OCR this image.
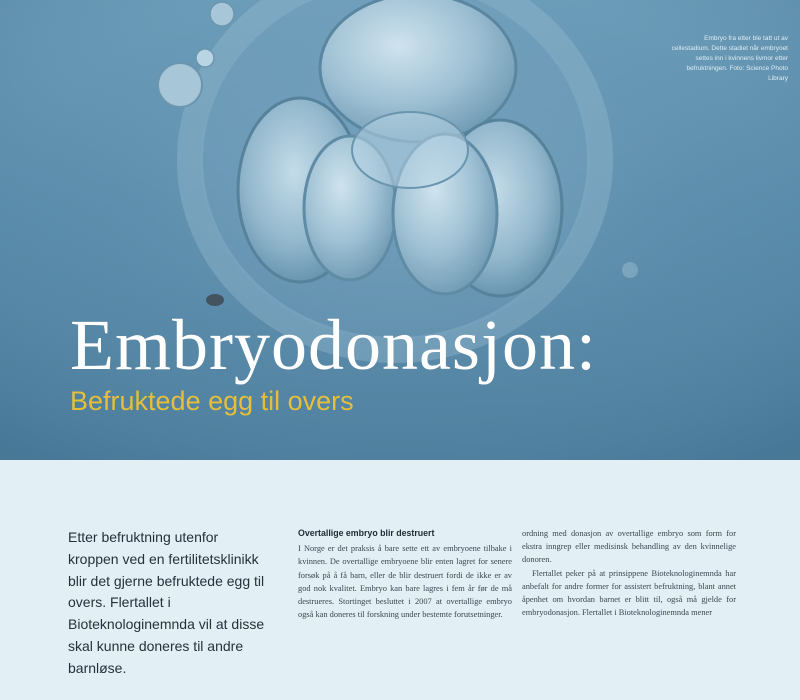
Embryo fra etter ble tatt ut av cellestadium. Dette stadiet når embryoet settes inn i kvinnens livmor etter befruktningen. Foto: Science Photo Library
Embryodonasjon:
Befruktede egg til overs
Etter befruktning utenfor kroppen ved en fertilitetsklinikk blir det gjerne befruktede egg til overs. Flertallet i Bioteknologinemnda vil at disse skal kunne doneres til andre barnløse.
Overtallige embryo blir destruert

I Norge er det praksis å bare sette ett av embryoene tilbake i kvinnen. De overtallige embryoene blir enten lagret for senere forsøk på å få barn, eller de blir destruert fordi de ikke er av god nok kvalitet. Embryo kan bare lagres i fem år før de må destrueres. Stortinget besluttet i 2007 at overtallige embryo også kan doneres til forskning under bestemte forutsetninger.

ordning med donasjon av overtallige embryo som form for ekstra inngrep eller medisinsk behandling av den kvinnelige donoren.

Flertallet peker på at prinsippene Bioteknologinemnda har anbefalt for andre former for assistert befruktning, blant annet åpenhet om hvordan barnet er blitt til, også må gjelde for embryodonasjon. Flertallet i Bioteknologinemnda mener
